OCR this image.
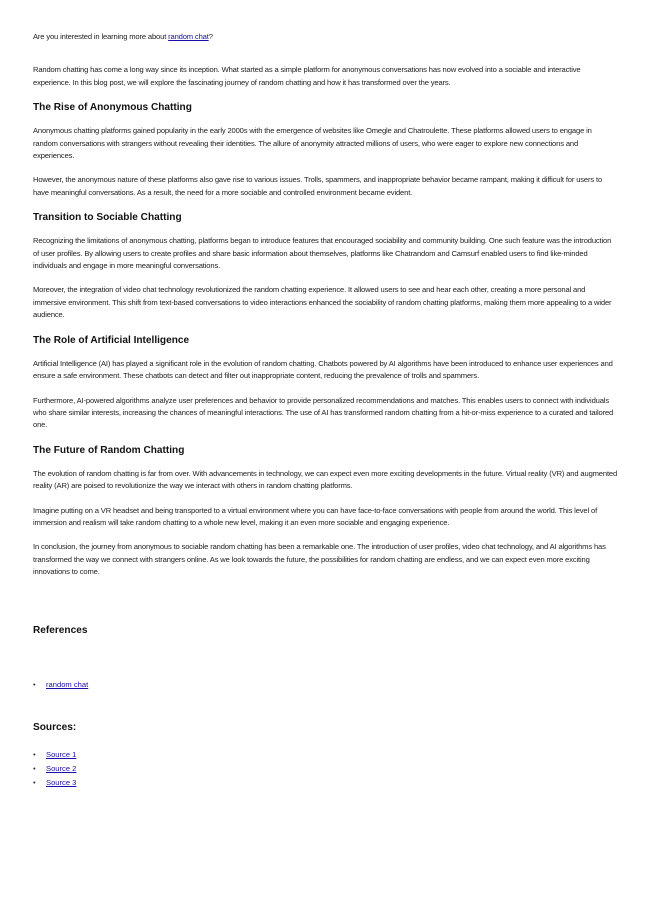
Are you interested in learning more about random chat?

Random chatting has come a long way since its inception. What started as a simple platform for anonymous conversations has now evolved into a sociable and interactive experience. In this blog post, we will explore the fascinating journey of random chatting and how it has transformed over the years.

The Rise of Anonymous Chatting

Anonymous chatting platforms gained popularity in the early 2000s with the emergence of websites like Omegle and Chatroulette. These platforms allowed users to engage in random conversations with strangers without revealing their identities. The allure of anonymity attracted millions of users, who were eager to explore new connections and experiences.

However, the anonymous nature of these platforms also gave rise to various issues. Trolls, spammers, and inappropriate behavior became rampant, making it difficult for users to have meaningful conversations. As a result, the need for a more sociable and controlled environment became evident.

Transition to Sociable Chatting

Recognizing the limitations of anonymous chatting, platforms began to introduce features that encouraged sociability and community building. One such feature was the introduction of user profiles. By allowing users to create profiles and share basic information about themselves, platforms like Chatrandom and Camsurf enabled users to find like-minded individuals and engage in more meaningful conversations.

Moreover, the integration of video chat technology revolutionized the random chatting experience. It allowed users to see and hear each other, creating a more personal and immersive environment. This shift from text-based conversations to video interactions enhanced the sociability of random chatting platforms, making them more appealing to a wider audience.

The Role of Artificial Intelligence

Artificial Intelligence (AI) has played a significant role in the evolution of random chatting. Chatbots powered by AI algorithms have been introduced to enhance user experiences and ensure a safe environment. These chatbots can detect and filter out inappropriate content, reducing the prevalence of trolls and spammers.

Furthermore, AI-powered algorithms analyze user preferences and behavior to provide personalized recommendations and matches. This enables users to connect with individuals who share similar interests, increasing the chances of meaningful interactions. The use of AI has transformed random chatting from a hit-or-miss experience to a curated and tailored one.

The Future of Random Chatting

The evolution of random chatting is far from over. With advancements in technology, we can expect even more exciting developments in the future. Virtual reality (VR) and augmented reality (AR) are poised to revolutionize the way we interact with others in random chatting platforms.

Imagine putting on a VR headset and being transported to a virtual environment where you can have face-to-face conversations with people from around the world. This level of immersion and realism will take random chatting to a whole new level, making it an even more sociable and engaging experience.

In conclusion, the journey from anonymous to sociable random chatting has been a remarkable one. The introduction of user profiles, video chat technology, and AI algorithms has transformed the way we connect with strangers online. As we look towards the future, the possibilities for random chatting are endless, and we can expect even more exciting innovations to come.

References
• random chat
Sources:
• Source 1
• Source 2
• Source 3
